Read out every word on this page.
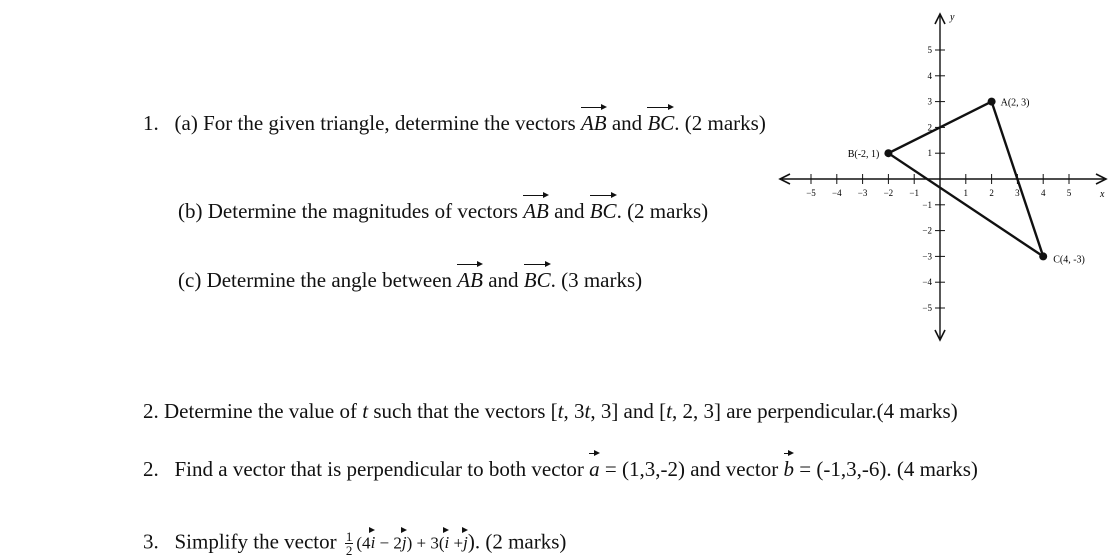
1. (a) For the given triangle, determine the vectors AB and BC. (2 marks)
(b) Determine the magnitudes of vectors AB and BC. (2 marks)
(c) Determine the angle between AB and BC. (3 marks)
2. Determine the value of t such that the vectors [t, 3t, 3] and [t, 2, 3] are perpendicular.(4 marks)
2. Find a vector that is perpendicular to both vector a = (1,3,-2) and vector b = (-1,3,-6). (4 marks)
3. Simplify the vector $\frac{1}{2} (4$
i − 2
j) + 3(
i +
j). (2 marks)
x
y
−5 −4 −3 −2 −1	1 2 3 4 5
5
4
3
2
1
−1
−2
−3
−4
−5
A(2, 3)
B(-2, 1)
C(4, -3)
